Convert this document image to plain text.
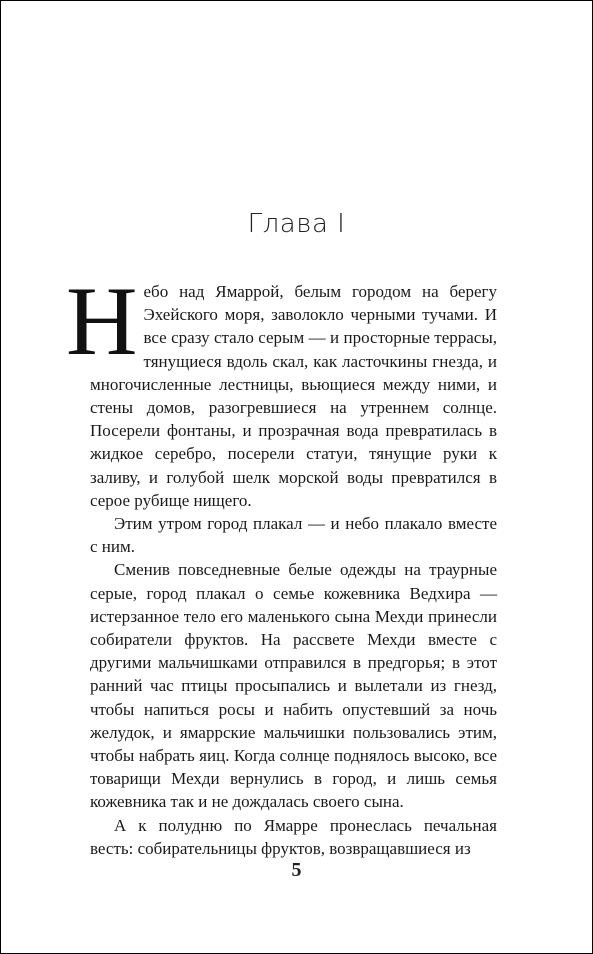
Глава I

Небо над Ямаррой, белым городом на берегу Эхейского моря, заволокло черными тучами. И все сразу стало серым — и просторные террасы, тянущиеся вдоль скал, как ласточкины гнезда, и многочисленные лестницы, вьющиеся между ними, и стены домов, разогревшиеся на утреннем солнце. Посерели фонтаны, и прозрачная вода превратилась в жидкое серебро, посерели статуи, тянущие руки к заливу, и голубой шелк морской воды превратился в серое рубище нищего.

Этим утром город плакал — и небо плакало вместе с ним.

Сменив повседневные белые одежды на траурные серые, город плакал о семье кожевника Ведхира — истерзанное тело его маленького сына Мехди принесли собиратели фруктов. На рассвете Мехди вместе с другими мальчишками отправился в предгорья; в этот ранний час птицы просыпались и вылетали из гнезд, чтобы напиться росы и набить опустевший за ночь желудок, и ямаррские мальчишки пользовались этим, чтобы набрать яиц. Когда солнце поднялось высоко, все товарищи Мехди вернулись в город, и лишь семья кожевника так и не дождалась своего сына.

А к полудню по Ямарре пронеслась печальная весть: собирательницы фруктов, возвращавшиеся из

5
